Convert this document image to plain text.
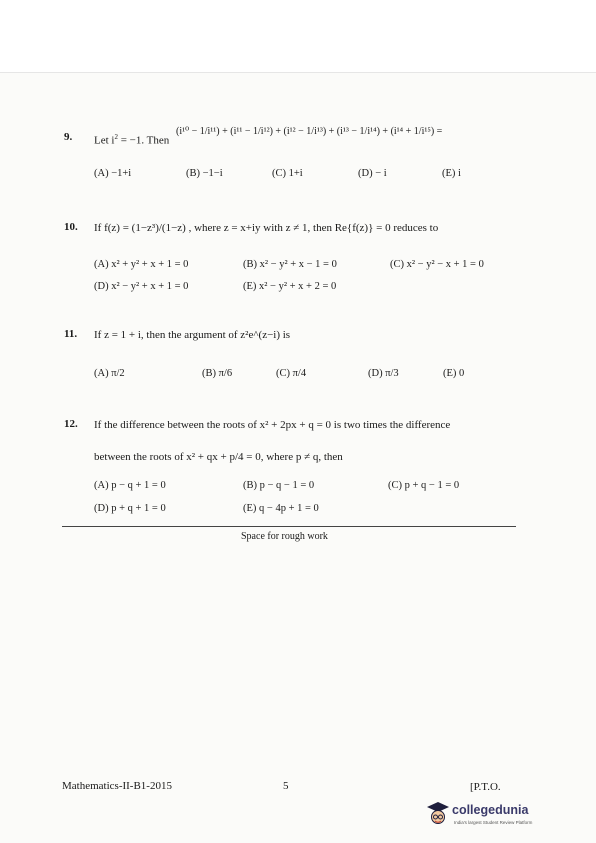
9. Let $i^2 = -1$. Then
(i¹⁰ − 1/i¹¹) + (i¹¹ − 1/i¹²) + (i¹² − 1/i¹³) + (i¹³ − 1/i¹⁴) + (i¹⁴ + 1/i¹⁵) =
(A) −1+i	(B) −1−i	(C) 1+i	(D) − i	(E) i
10. If f(z) = (1−z³)/(1−z) , where z = x+iy with z ≠ 1, then Re{f(z)} = 0 reduces to
(A) x² + y² + x + 1 = 0	(B) x² − y² + x − 1 = 0	(C) x² − y² − x + 1 = 0
(D) x² − y² + x + 1 = 0	(E) x² − y² + x + 2 = 0
11. If z = 1 + i, then the argument of z²e^(z−i) is
(A) π/2	(B) π/6	(C) π/4	(D) π/3	(E) 0
12. If the difference between the roots of x² + 2px + q = 0 is two times the difference
between the roots of x² + qx + p/4 = 0, where p ≠ q, then
(A) p − q + 1 = 0	(B) p − q − 1 = 0	(C) p + q − 1 = 0
(D) p + q + 1 = 0	(E) q − 4p + 1 = 0
Space for rough work
Mathematics-II-B1-2015	5	[P.T.O.
collegedunia
India's largest Student Review Platform
